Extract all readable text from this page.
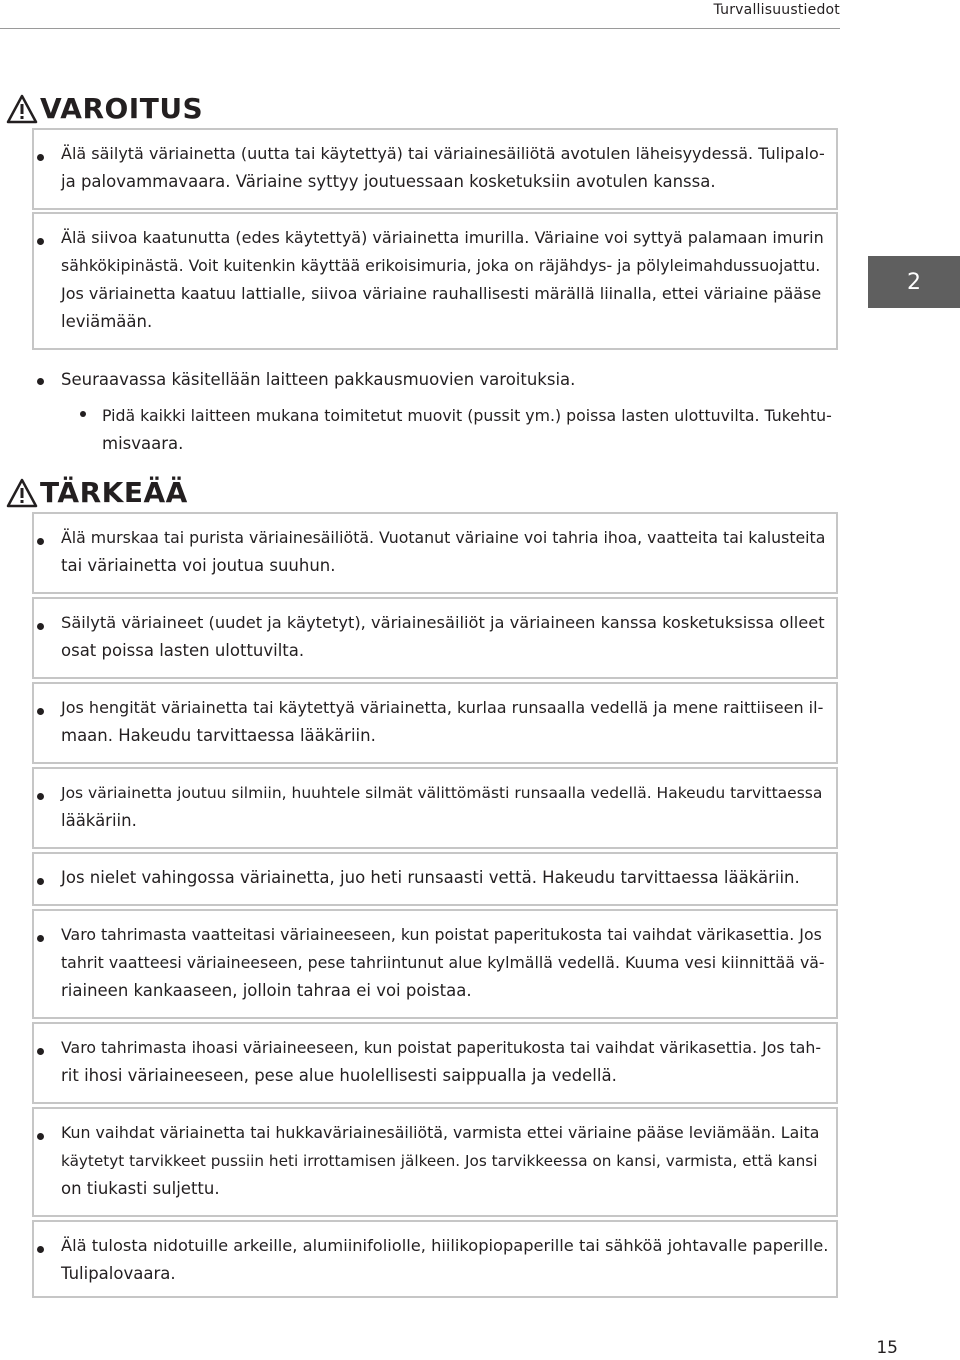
Turvallisuustiedot
VAROITUS
Älä säilytä väriainetta (uutta tai käytettyä) tai väriainesäiliötä avotulen läheisyydessä. Tulipalo-
ja palovammavaara. Väriaine syttyy joutuessaan kosketuksiin avotulen kanssa.
Älä siivoa kaatunutta (edes käytettyä) väriainetta imurilla. Väriaine voi syttyä palamaan imurin
sähkökipinästä. Voit kuitenkin käyttää erikoisimuria, joka on räjähdys- ja pölyleimahdussuojattu.
Jos väriainetta kaatuu lattialle, siivoa väriaine rauhallisesti märällä liinalla, ettei väriaine pääse
leviämään.
2
Seuraavassa käsitellään laitteen pakkausmuovien varoituksia.
Pidä kaikki laitteen mukana toimitetut muovit (pussit ym.) poissa lasten ulottuvilta. Tukehtu-
misvaara.
TÄRKEÄÄ
Älä murskaa tai purista väriainesäiliötä. Vuotanut väriaine voi tahria ihoa, vaatteita tai kalusteita
tai väriainetta voi joutua suuhun.
Säilytä väriaineet (uudet ja käytetyt), väriainesäiliöt ja väriaineen kanssa kosketuksissa olleet
osat poissa lasten ulottuvilta.
Jos hengität väriainetta tai käytettyä väriainetta, kurlaa runsaalla vedellä ja mene raittiiseen il-
maan. Hakeudu tarvittaessa lääkäriin.
Jos väriainetta joutuu silmiin, huuhtele silmät välittömästi runsaalla vedellä. Hakeudu tarvittaessa
lääkäriin.
Jos nielet vahingossa väriainetta, juo heti runsaasti vettä. Hakeudu tarvittaessa lääkäriin.
Varo tahrimasta vaatteitasi väriaineeseen, kun poistat paperitukosta tai vaihdat värikasettia. Jos
tahrit vaatteesi väriaineeseen, pese tahriintunut alue kylmällä vedellä. Kuuma vesi kiinnittää vä-
riaineen kankaaseen, jolloin tahraa ei voi poistaa.
Varo tahrimasta ihoasi väriaineeseen, kun poistat paperitukosta tai vaihdat värikasettia. Jos tah-
rit ihosi väriaineeseen, pese alue huolellisesti saippualla ja vedellä.
Kun vaihdat väriainetta tai hukkaväriainesäiliötä, varmista ettei väriaine pääse leviämään. Laita
käytetyt tarvikkeet pussiin heti irrottamisen jälkeen. Jos tarvikkeessa on kansi, varmista, että kansi
on tiukasti suljettu.
Älä tulosta nidotuille arkeille, alumiinifoliolle, hiilikopiopaperille tai sähköä johtavalle paperille.
Tulipalovaara.
15
